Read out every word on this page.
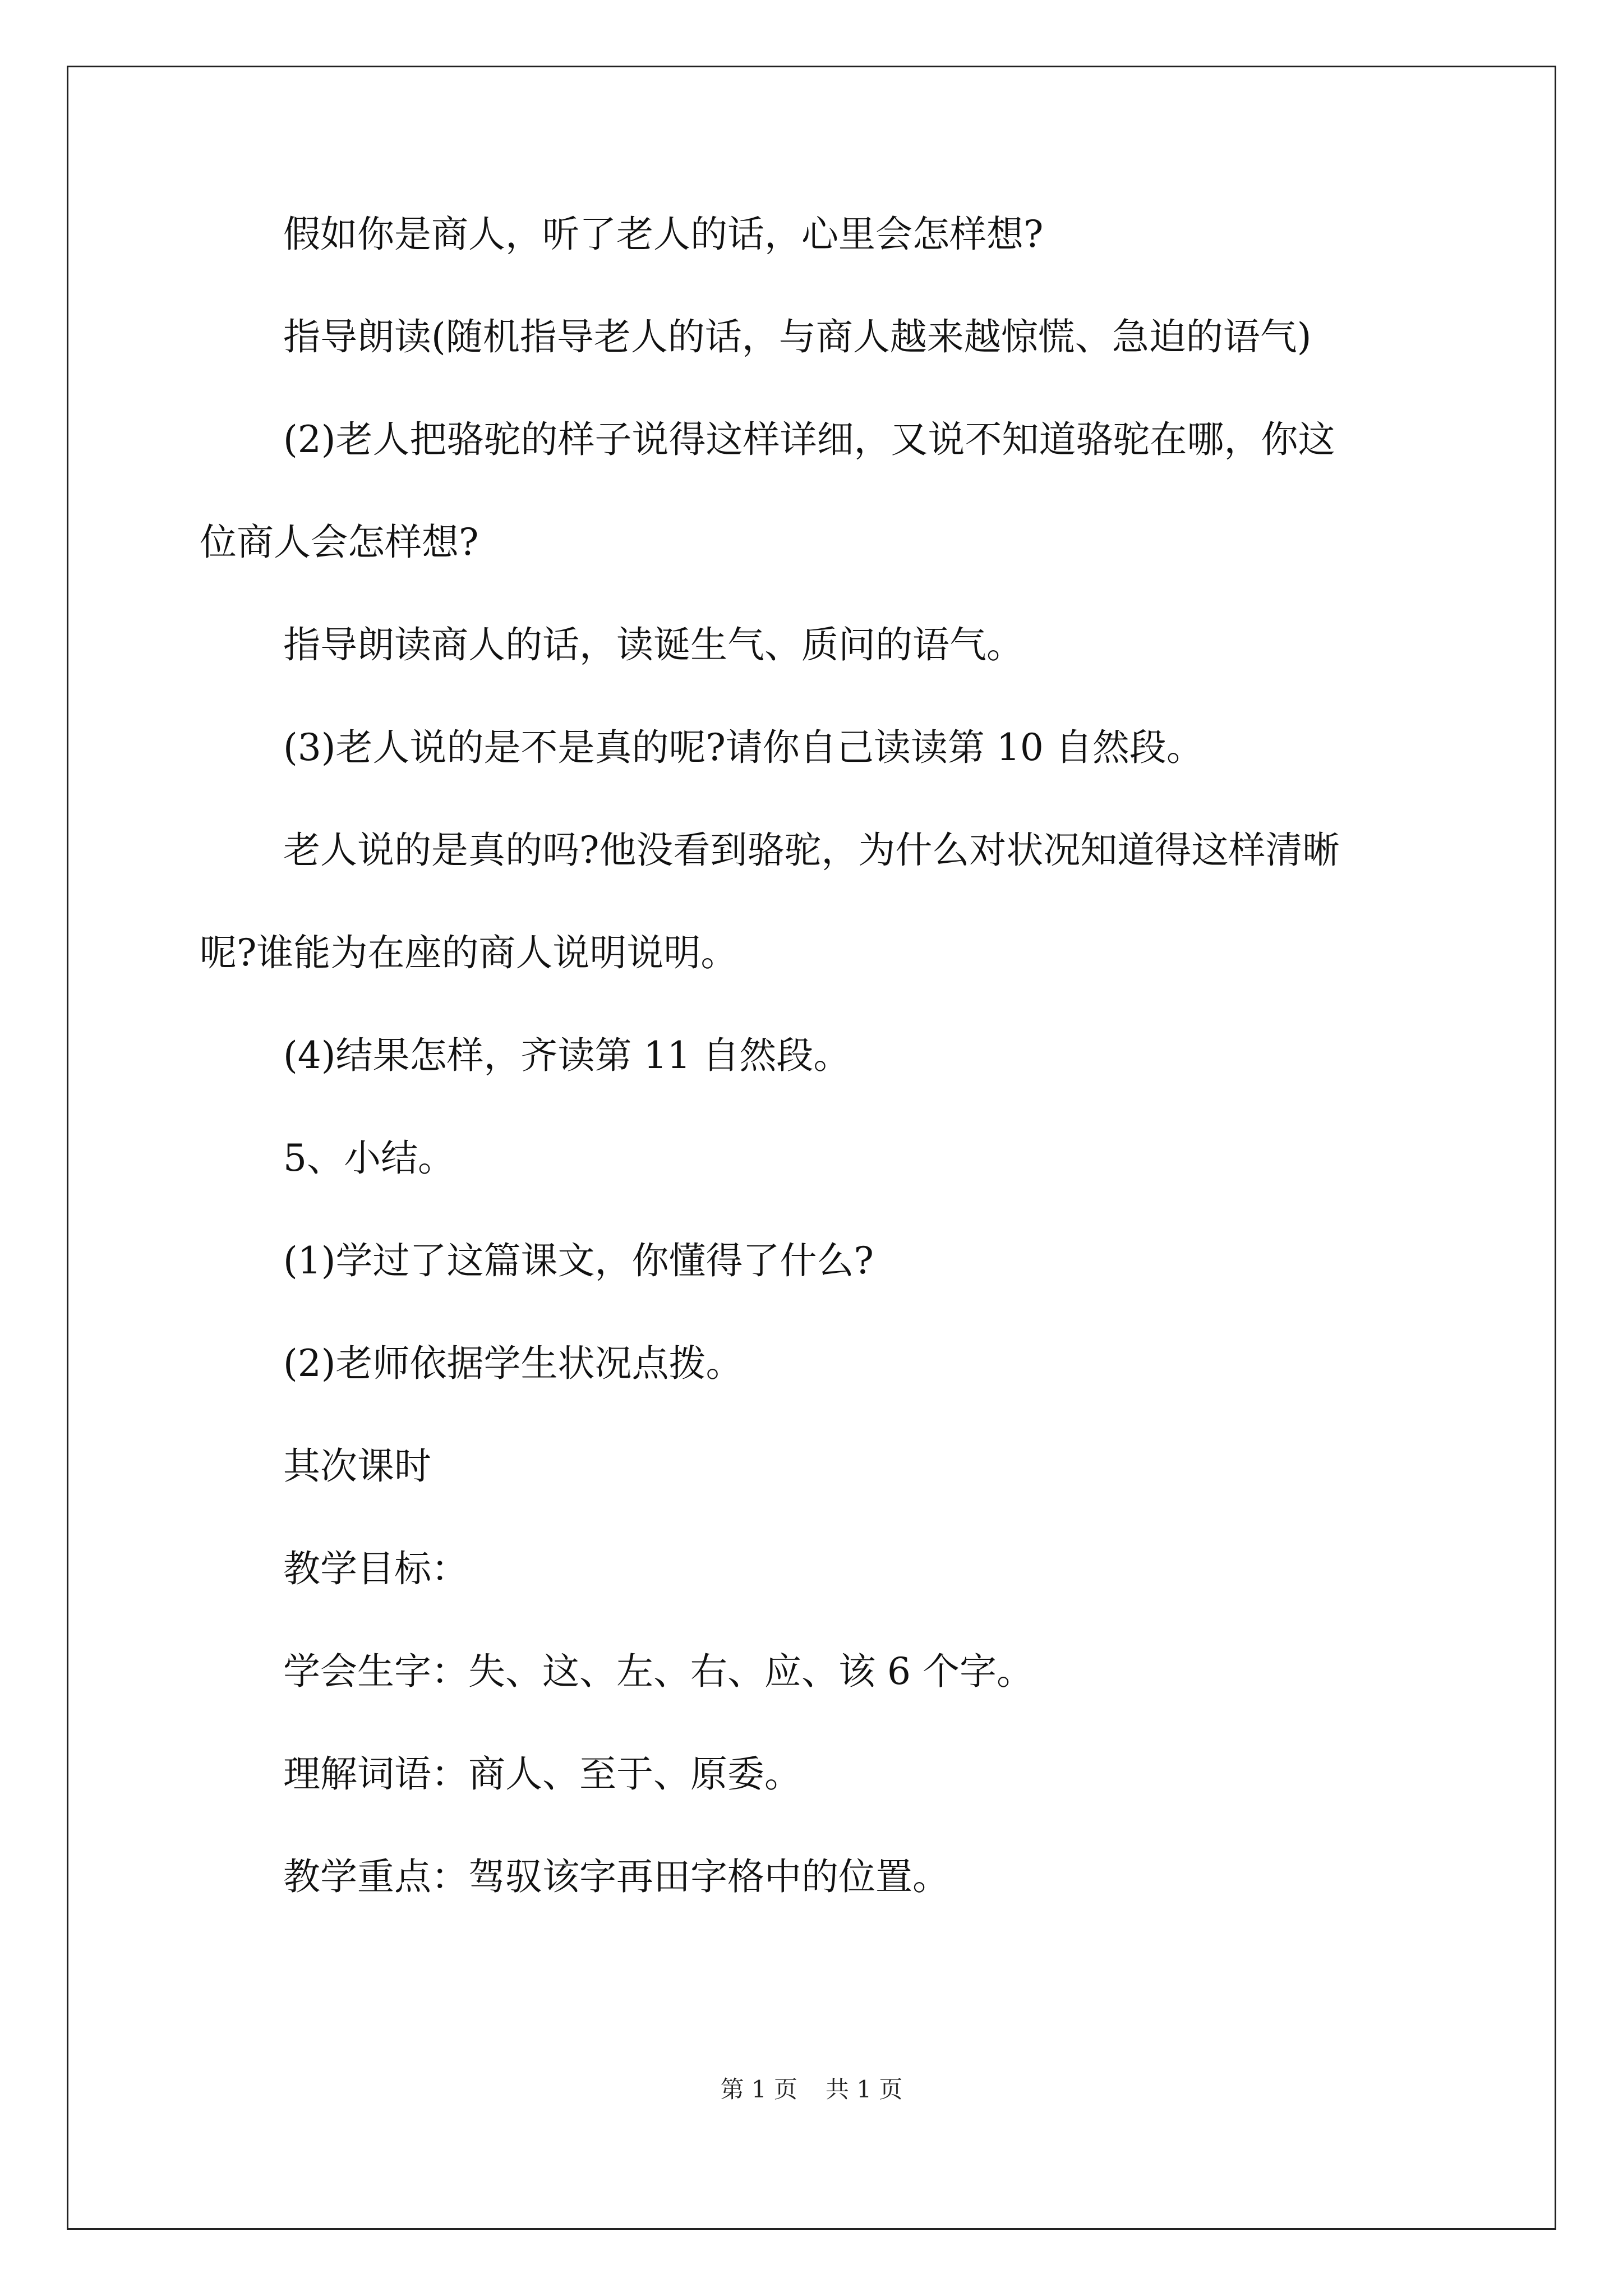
假如你是商人，听了老人的话，心里会怎样想?

指导朗读(随机指导老人的话，与商人越来越惊慌、急迫的语气)

(2)老人把骆驼的样子说得这样详细，又说不知道骆驼在哪，你这

位商人会怎样想?

指导朗读商人的话，读诞生气、质问的语气。

(3)老人说的是不是真的呢?请你自己读读第 10 自然段。

老人说的是真的吗?他没看到骆驼，为什么对状况知道得这样清晰

呢?谁能为在座的商人说明说明。

(4)结果怎样，齐读第 11 自然段。

5、小结。

(1)学过了这篇课文，你懂得了什么?

(2)老师依据学生状况点拨。

其次课时

教学目标：

学会生字：失、这、左、右、应、该 6 个字。

理解词语：商人、至于、原委。

教学重点：驾驭该字再田字格中的位置。

第 1 页 共 1 页
